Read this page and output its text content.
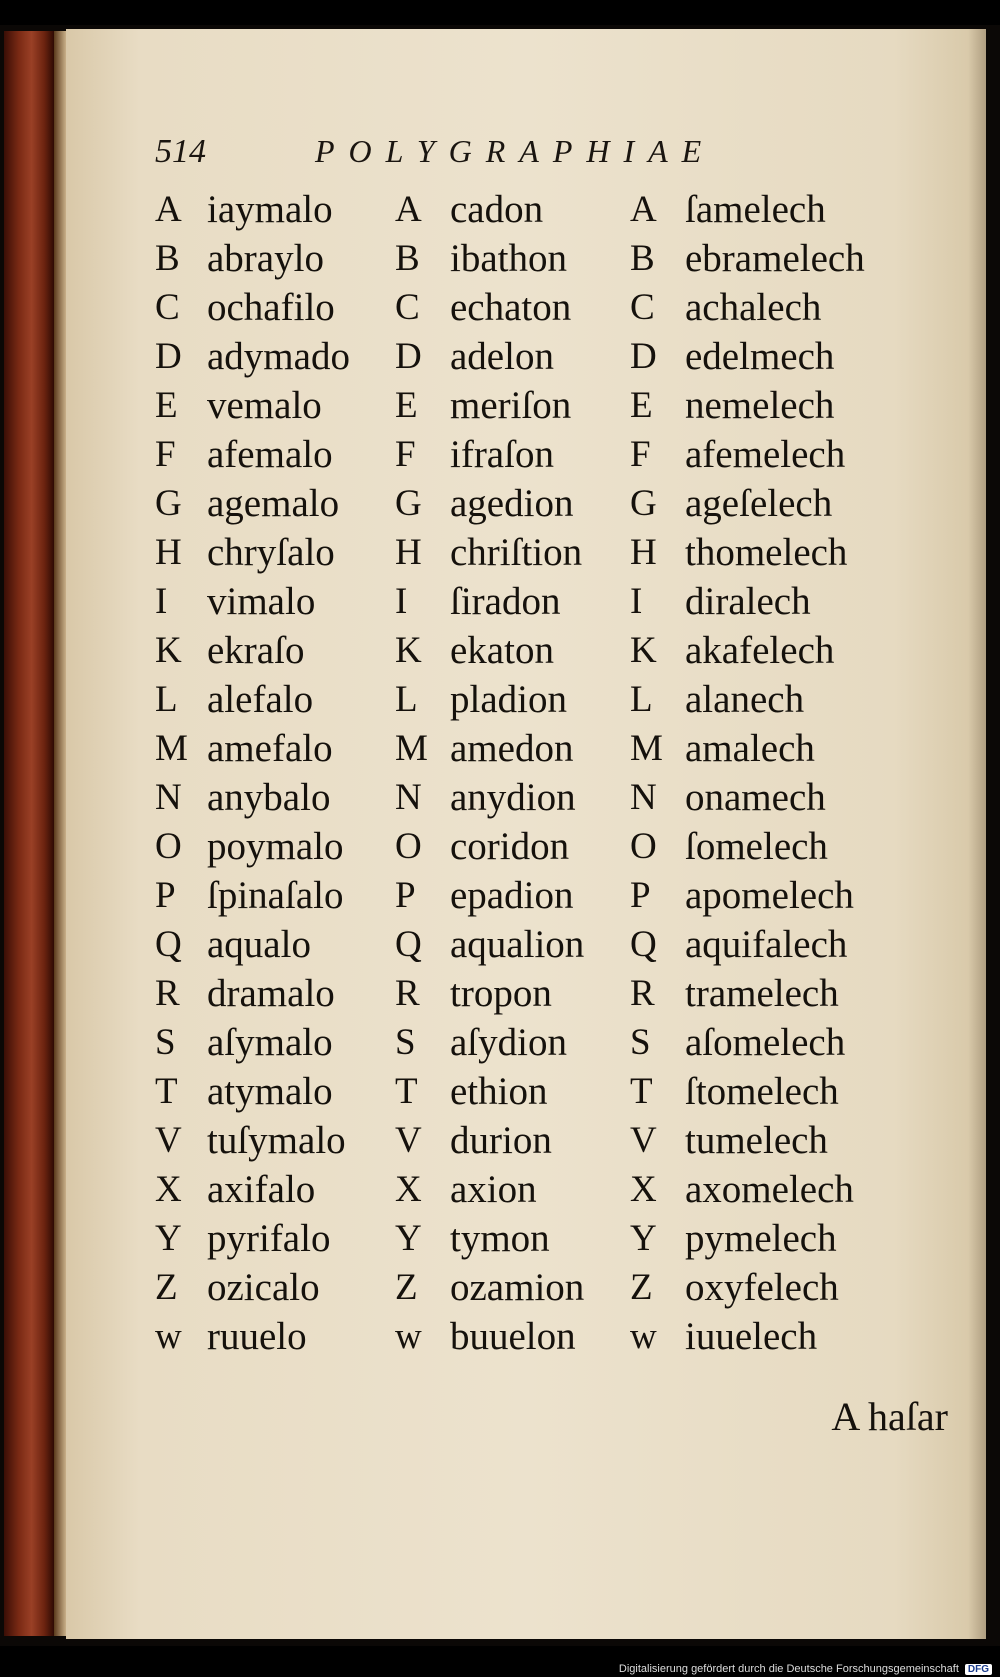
514	POLYGRAPHIAE
A iaymalo A cadon A ſamelech
B abraylo B ibathon B ebramelech
C ochafilo C echaton C achalech
D adymado D adelon D edelmech
E vemalo E meriſon E nemelech
F afemalo F ifraſon F afemelech
G agemalo G agedion G ageſelech
H chryſalo H chriſtion H thomelech
I vimalo I ſiradon I diralech
K ekraſo K ekaton K akafelech
L alefalo L pladion L alanech
M amefalo M amedon M amalech
N anybalo N anydion N onamech
O poymalo O coridon O ſomelech
P ſpinaſalo P epadion P apomelech
Q aqualo Q aqualion Q aquifalech
R dramalo R tropon R tramelech
S aſymalo S aſydion S aſomelech
T atymalo T ethion T ſtomelech
V tuſymalo V durion V tumelech
X axifalo X axion	X axomelech
Y pyrifalo Y tymon Y pymelech
Z ozicalo Z ozamion Z oxyfelech
w ruuelo w buuelon w iuuelech
A haſar
Digitalisierung gefördert durch die Deutsche Forschungsgemeinschaft DFG
